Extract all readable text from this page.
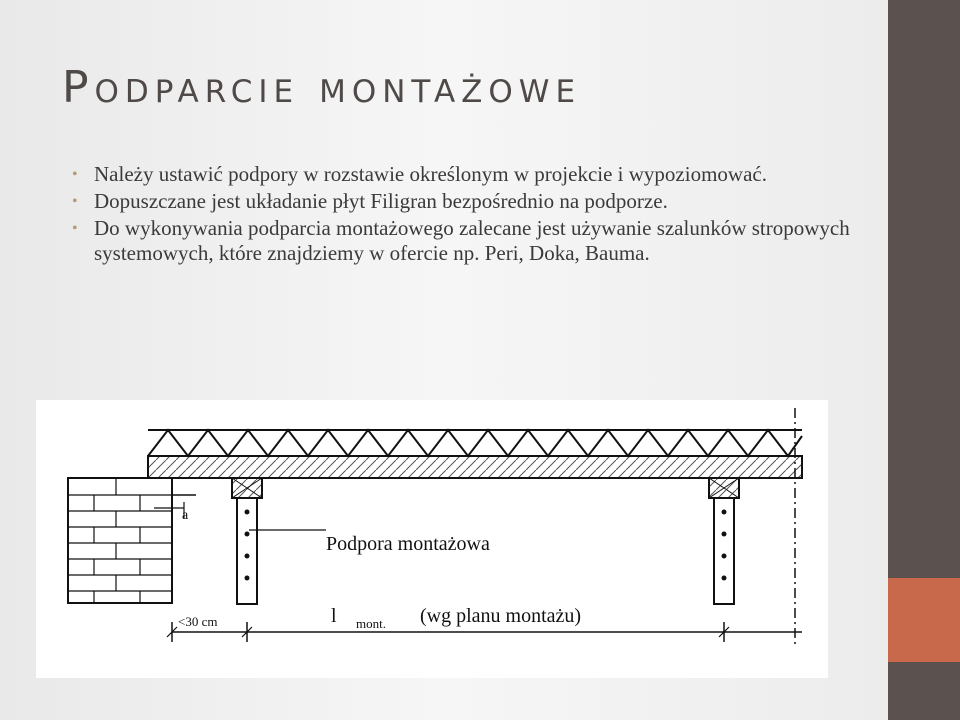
Podparcie montażowe
• Należy ustawić podpory w rozstawie określonym w projekcie i wypoziomować.
• Dopuszczane jest układanie płyt Filigran bezpośrednio na podporze.
• Do wykonywania podparcia montażowego zalecane jest używanie szalunków stropowych systemowych, które znajdziemy w ofercie np. Peri, Doka, Bauma.
a
Podpora montażowa
<30 cm	l mont. (wg planu montażu)
